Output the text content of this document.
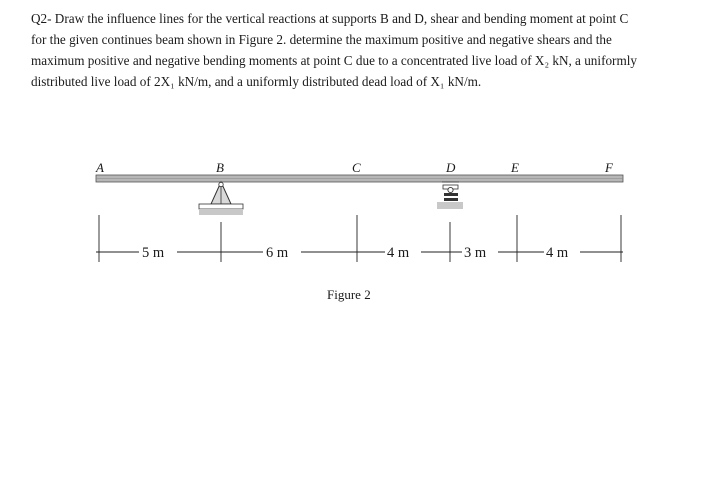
Q2- Draw the influence lines for the vertical reactions at supports B and D, shear and bending moment at point C
for the given continues beam shown in Figure 2. determine the maximum positive and negative shears and the
maximum positive and negative bending moments at point C due to a concentrated live load of X₂ kN, a uniformly
distributed live load of 2X₁ kN/m, and a uniformly distributed dead load of X₁ kN/m.
A	B	C	D	E	F
5 m	6 m	4 m	3 m	4 m
Figure 2
